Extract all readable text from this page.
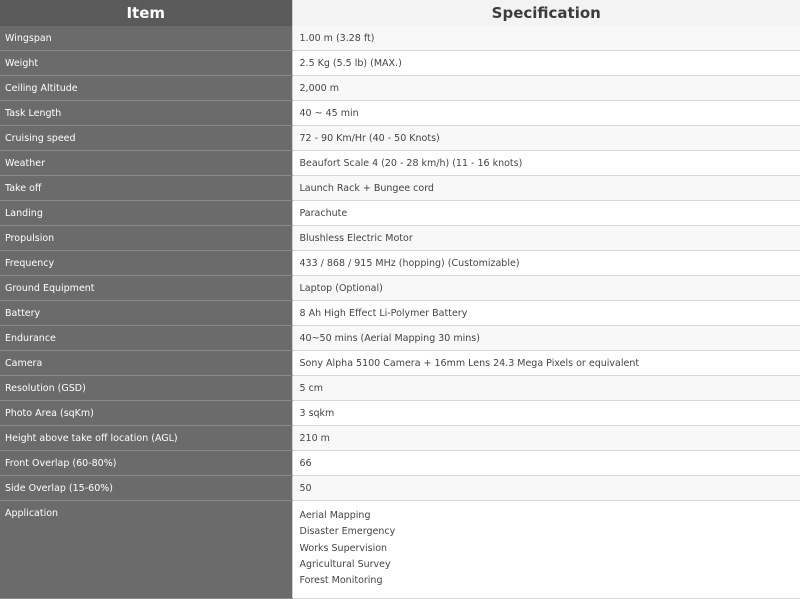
Item	Specification
Wingspan	1.00 m (3.28 ft)
Weight	2.5 Kg (5.5 lb) (MAX.)
Ceiling Altitude	2,000 m
Task Length	40 ~ 45 min
Cruising speed	72 - 90 Km/Hr (40 - 50 Knots)
Weather	Beaufort Scale 4 (20 - 28 km/h) (11 - 16 knots)
Take off	Launch Rack + Bungee cord
Landing	Parachute
Propulsion	Blushless Electric Motor
Frequency	433 / 868 / 915 MHz (hopping) (Customizable)
Ground Equipment	Laptop (Optional)
Battery	8 Ah High Effect Li-Polymer Battery
Endurance	40~50 mins (Aerial Mapping 30 mins)
Camera	Sony Alpha 5100 Camera + 16mm Lens 24.3 Mega Pixels or equivalent
Resolution (GSD)	5 cm
Photo Area (sqKm)	3 sqkm
Height above take off location (AGL)	210 m
Front Overlap (60-80%)	66
Side Overlap (15-60%)	50
Application	Aerial Mapping
Disaster Emergency
Works Supervision
Agricultural Survey
Forest Monitoring
